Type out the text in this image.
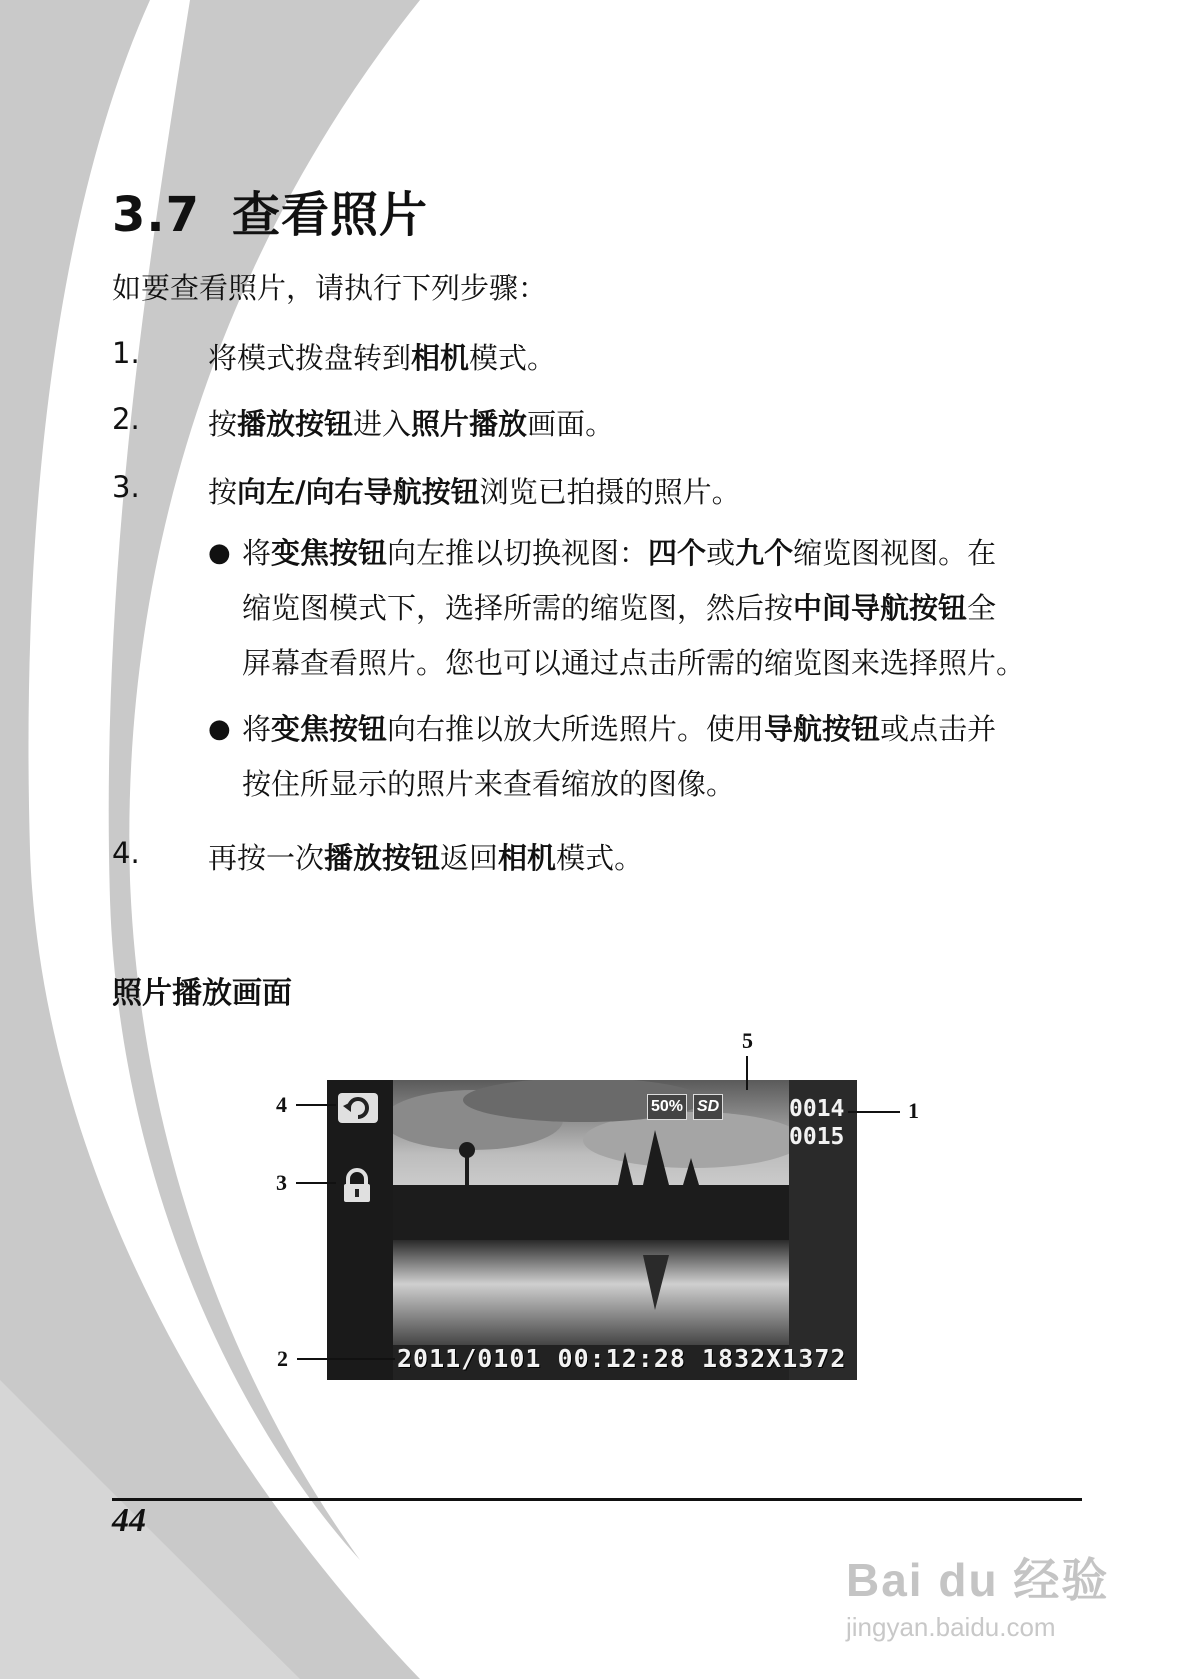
3.7 查看照片
如要查看照片，请执行下列步骤：
1.	将模式拨盘转到相机模式。
2.	按播放按钮进入照片播放画面。
3.	按向左/向右导航按钮浏览已拍摄的照片。
● 将变焦按钮向左推以切换视图：四个或九个缩览图视图。在
缩览图模式下，选择所需的缩览图，然后按中间导航按钮全
屏幕查看照片。您也可以通过点击所需的缩览图来选择照片。
● 将变焦按钮向右推以放大所选照片。使用导航按钮或点击并
按住所显示的照片来查看缩放的图像。
4.	再按一次播放按钮返回相机模式。
照片播放画面
50% SD	0014
0015
2011/0101 00:12:28 1832X1372
5
1
4
3
2
44
Bai du 经验
jingyan.baidu.com
